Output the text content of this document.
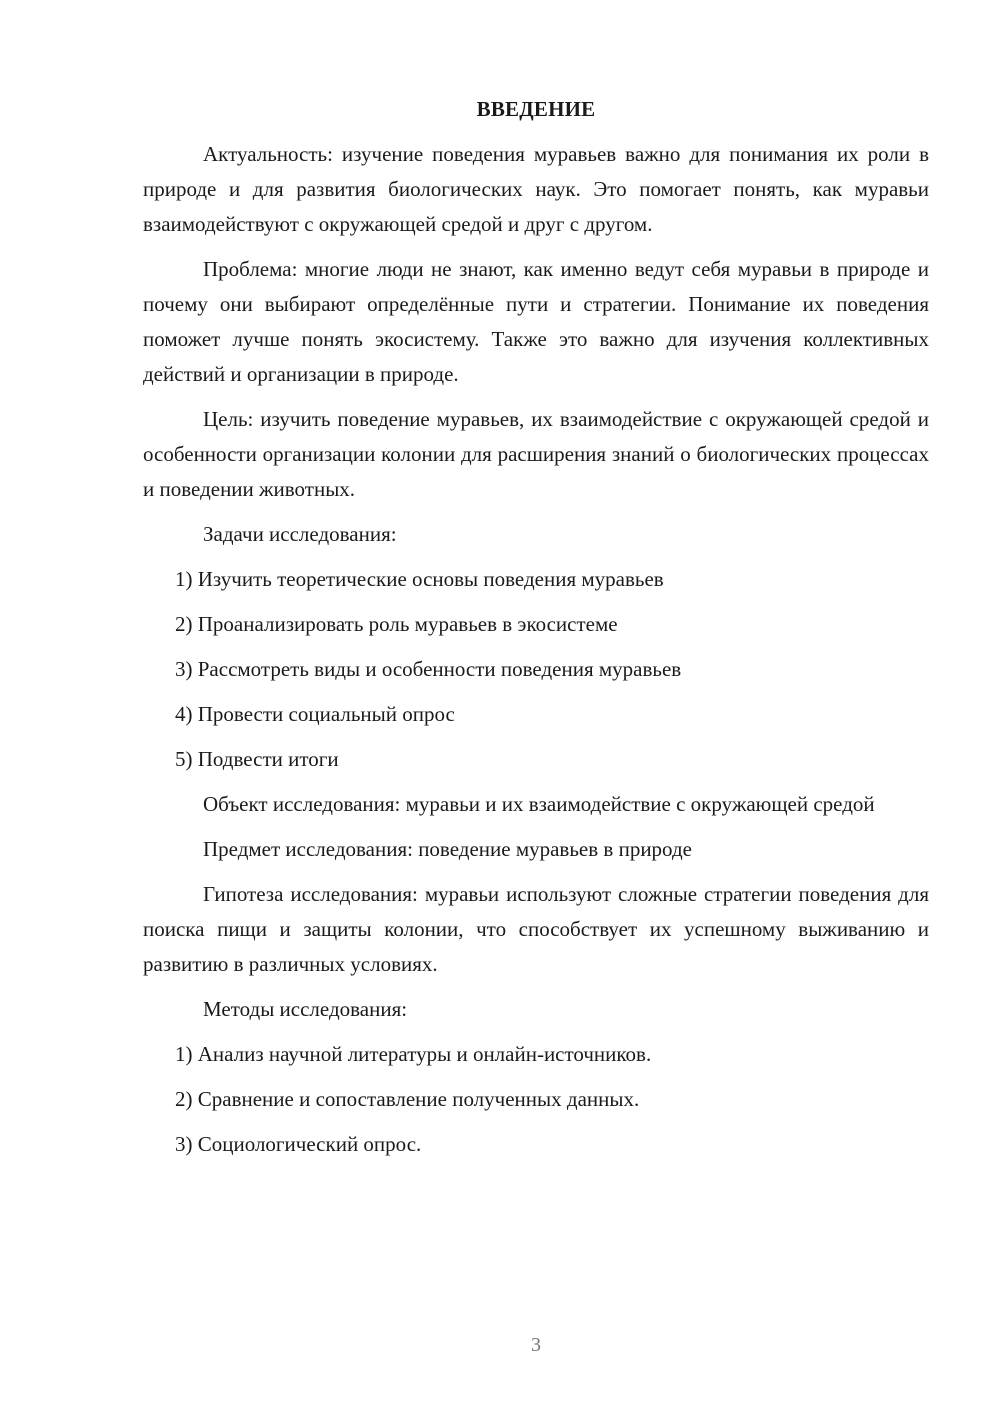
ВВЕДЕНИЕ

Актуальность: изучение поведения муравьев важно для понимания их роли в природе и для развития биологических наук. Это помогает понять, как муравьи взаимодействуют с окружающей средой и друг с другом.

Проблема: многие люди не знают, как именно ведут себя муравьи в природе и почему они выбирают определённые пути и стратегии. Понимание их поведения поможет лучше понять экосистему. Также это важно для изучения коллективных действий и организации в природе.

Цель: изучить поведение муравьев, их взаимодействие с окружающей средой и особенности организации колонии для расширения знаний о биологических процессах и поведении животных.

Задачи исследования:

1) Изучить теоретические основы поведения муравьев
2) Проанализировать роль муравьев в экосистеме
3) Рассмотреть виды и особенности поведения муравьев
4) Провести социальный опрос
5) Подвести итоги

Объект исследования: муравьи и их взаимодействие с окружающей средой

Предмет исследования: поведение муравьев в природе

Гипотеза исследования: муравьи используют сложные стратегии поведения для поиска пищи и защиты колонии, что способствует их успешному выживанию и развитию в различных условиях.

Методы исследования:

1) Анализ научной литературы и онлайн-источников.
2) Сравнение и сопоставление полученных данных.
3) Социологический опрос.
3
